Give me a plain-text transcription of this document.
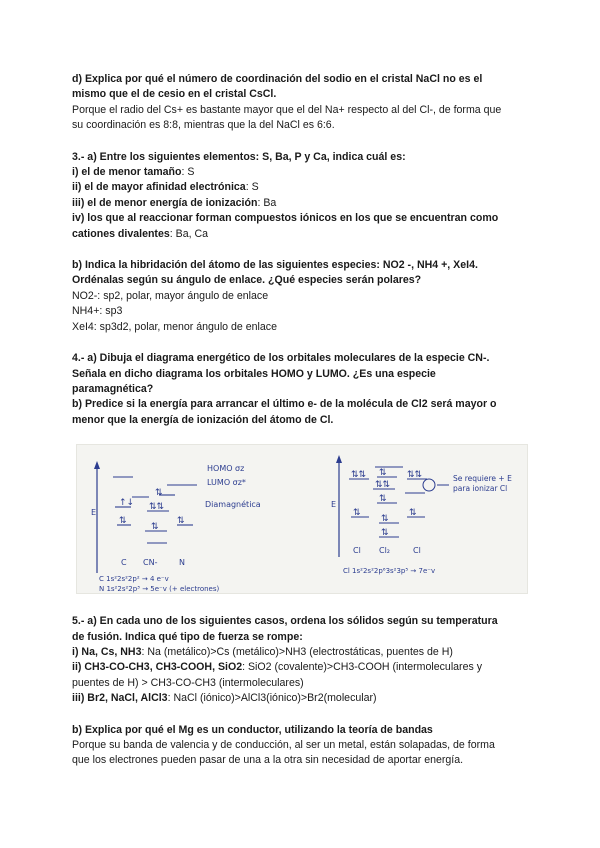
d) Explica por qué el número de coordinación del sodio en el cristal NaCl no es el
mismo que el de cesio en el cristal CsCl.
Porque el radio del Cs+ es bastante mayor que el del Na+ respecto al del Cl-, de forma que
su coordinación es 8:8, mientras que la del NaCl es 6:6.
3.- a) Entre los siguientes elementos: S, Ba, P y Ca, indica cuál es:
i) el de menor tamaño: S
ii) el de mayor afinidad electrónica: S
iii) el de menor energía de ionización: Ba
iv) los que al reaccionar forman compuestos iónicos en los que se encuentran como
cationes divalentes: Ba, Ca
b) Indica la hibridación del átomo de las siguientes especies: NO2 -, NH4 +, XeI4.
Ordénalas según su ángulo de enlace. ¿Qué especies serán polares?
NO2-: sp2, polar, mayor ángulo de enlace
NH4+: sp3
XeI4: sp3d2, polar, menor ángulo de enlace
4.- a) Dibuja el diagrama energético de los orbitales moleculares de la especie CN-.
Señala en dicho diagrama los orbitales HOMO y LUMO. ¿Es una especie
paramagnética?
b) Predice si la energía para arrancar el último e- de la molécula de Cl2 será mayor o
menor que la energía de ionización del átomo de Cl.
E
⇅
↑↓ ⇅⇅
⇅
⇅
⇅
C CN-	N
HOMO σz
LUMO σz*
Diamagnética
C 1s²2s²2p² → 4 e⁻v
N 1s²2s²2p³ → 5e⁻v (+ electrones)
E
⇅⇅ ⇅ ⇅⇅
⇅⇅
⇅
⇅
⇅
⇅
⇅
Se requiere + E
para ionizar Cl
Cl Cl₂	Cl
Cl 1s²2s²2p⁶3s²3p⁵ → 7e⁻v
5.- a) En cada uno de los siguientes casos, ordena los sólidos según su temperatura
de fusión. Indica qué tipo de fuerza se rompe:
i) Na, Cs, NH3: Na (metálico)>Cs (metálico)>NH3 (electrostáticas, puentes de H)
ii) CH3-CO-CH3, CH3-COOH, SiO2: SiO2 (covalente)>CH3-COOH (intermoleculares y
puentes de H) > CH3-CO-CH3 (intermoleculares)
iii) Br2, NaCl, AlCl3: NaCl (iónico)>AlCl3(iónico)>Br2(molecular)
b) Explica por qué el Mg es un conductor, utilizando la teoría de bandas
Porque su banda de valencia y de conducción, al ser un metal, están solapadas, de forma
que los electrones pueden pasar de una a la otra sin necesidad de aportar energía.
